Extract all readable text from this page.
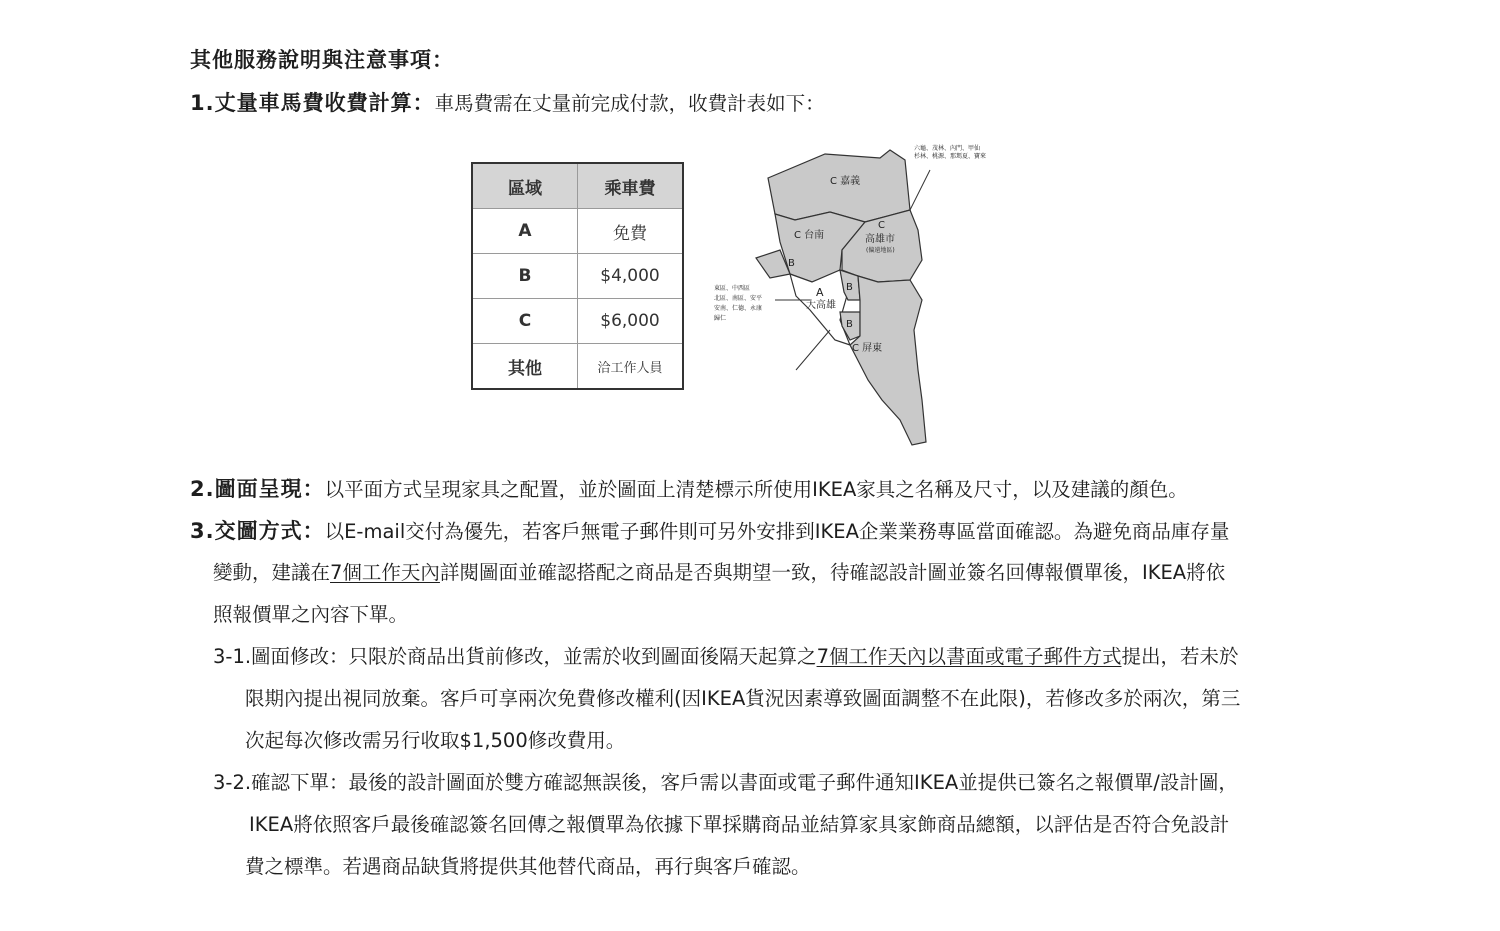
其他服務說明與注意事項：
1.丈量車馬費收費計算：車馬費需在丈量前完成付款，收費計表如下：
區域	乘車費
A	免費
B	$4,000
C	$6,000
其他	洽工作人員
C 嘉義
C 台南
C
高雄市
(偏遠地區)
B
A
大高雄
B
B
C 屏東
六龜、茂林、內門、甲仙
杉林、桃源、那瑪夏、寶來
東區、中西區
北區、南區、安平
安南、仁德、永康
歸仁
2.圖面呈現：以平面方式呈現家具之配置，並於圖面上清楚標示所使用IKEA家具之名稱及尺寸，以及建議的顏色。
3.交圖方式：以E-mail交付為優先，若客戶無電子郵件則可另外安排到IKEA企業業務專區當面確認。為避免商品庫存量
變動，建議在7個工作天內詳閱圖面並確認搭配之商品是否與期望一致，待確認設計圖並簽名回傳報價單後，IKEA將依
照報價單之內容下單。
3-1.圖面修改：只限於商品出貨前修改，並需於收到圖面後隔天起算之7個工作天內以書面或電子郵件方式提出，若未於
限期內提出視同放棄。客戶可享兩次免費修改權利(因IKEA貨況因素導致圖面調整不在此限)，若修改多於兩次，第三
次起每次修改需另行收取$1,500修改費用。
3-2.確認下單：最後的設計圖面於雙方確認無誤後，客戶需以書面或電子郵件通知IKEA並提供已簽名之報價單/設計圖，
IKEA將依照客戶最後確認簽名回傳之報價單為依據下單採購商品並結算家具家飾商品總額，以評估是否符合免設計
費之標準。若遇商品缺貨將提供其他替代商品，再行與客戶確認。
